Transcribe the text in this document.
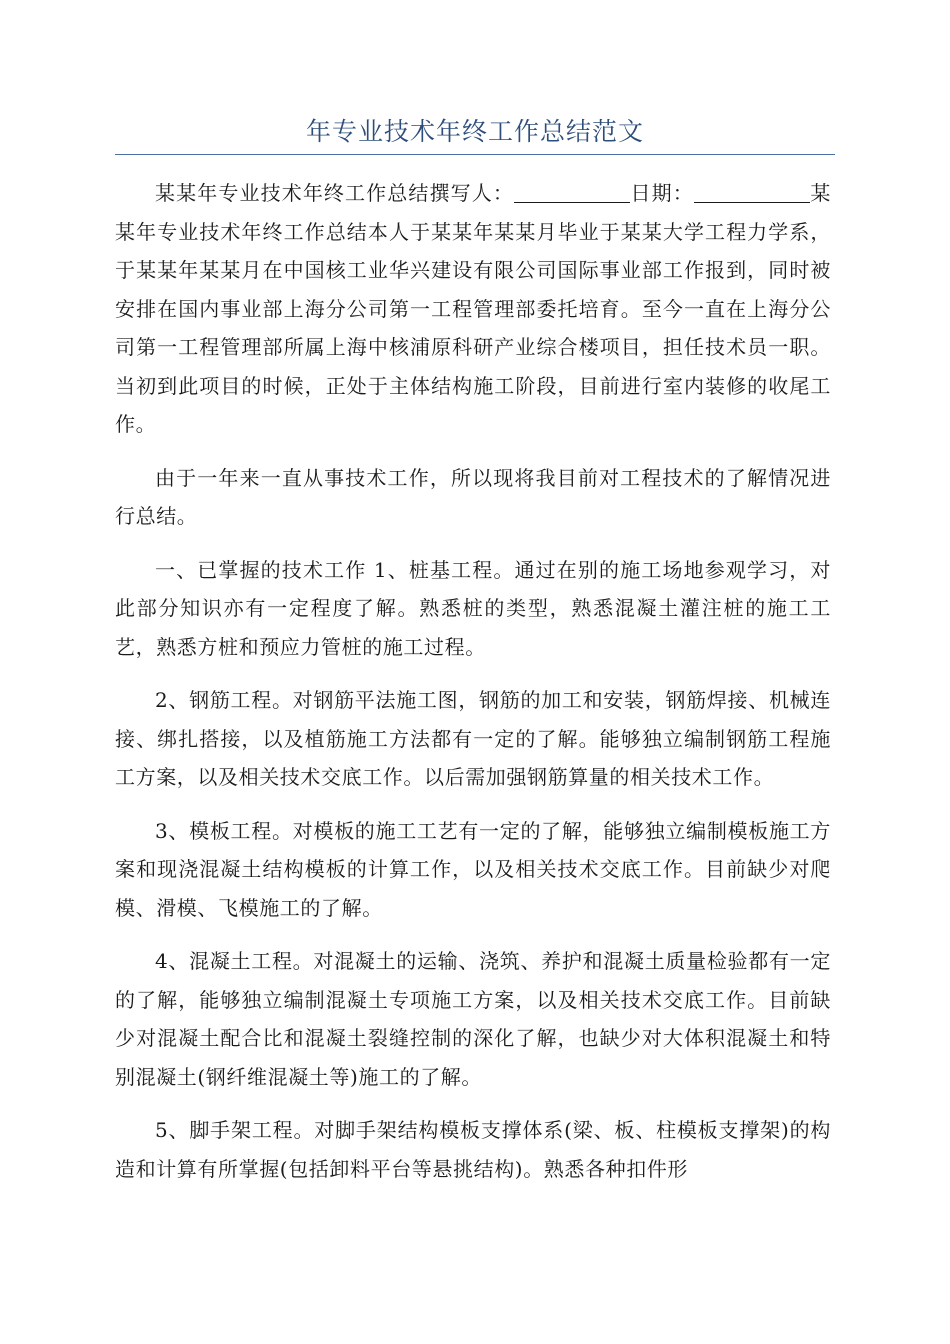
年专业技术年终工作总结范文

某某年专业技术年终工作总结撰写人：	日期：	某某年专业技术年终工作总结本人于某某年某某月毕业于某某大学工程力学系，于某某年某某月在中国核工业华兴建设有限公司国际事业部工作报到，同时被安排在国内事业部上海分公司第一工程管理部委托培育。至今一直在上海分公司第一工程管理部所属上海中核浦原科研产业综合楼项目，担任技术员一职。当初到此项目的时候，正处于主体结构施工阶段，目前进行室内装修的收尾工作。

由于一年来一直从事技术工作，所以现将我目前对工程技术的了解情况进行总结。

一、已掌握的技术工作 1、桩基工程。通过在别的施工场地参观学习，对此部分知识亦有一定程度了解。熟悉桩的类型，熟悉混凝土灌注桩的施工工艺，熟悉方桩和预应力管桩的施工过程。

2、钢筋工程。对钢筋平法施工图，钢筋的加工和安装，钢筋焊接、机械连接、绑扎搭接，以及植筋施工方法都有一定的了解。能够独立编制钢筋工程施工方案，以及相关技术交底工作。以后需加强钢筋算量的相关技术工作。

3、模板工程。对模板的施工工艺有一定的了解，能够独立编制模板施工方案和现浇混凝土结构模板的计算工作，以及相关技术交底工作。目前缺少对爬模、滑模、飞模施工的了解。

4、混凝土工程。对混凝土的运输、浇筑、养护和混凝土质量检验都有一定的了解，能够独立编制混凝土专项施工方案，以及相关技术交底工作。目前缺少对混凝土配合比和混凝土裂缝控制的深化了解，也缺少对大体积混凝土和特别混凝土(钢纤维混凝土等)施工的了解。

5、脚手架工程。对脚手架结构模板支撑体系(梁、板、柱模板支撑架)的构造和计算有所掌握(包括卸料平台等悬挑结构)。熟悉各种扣件形
